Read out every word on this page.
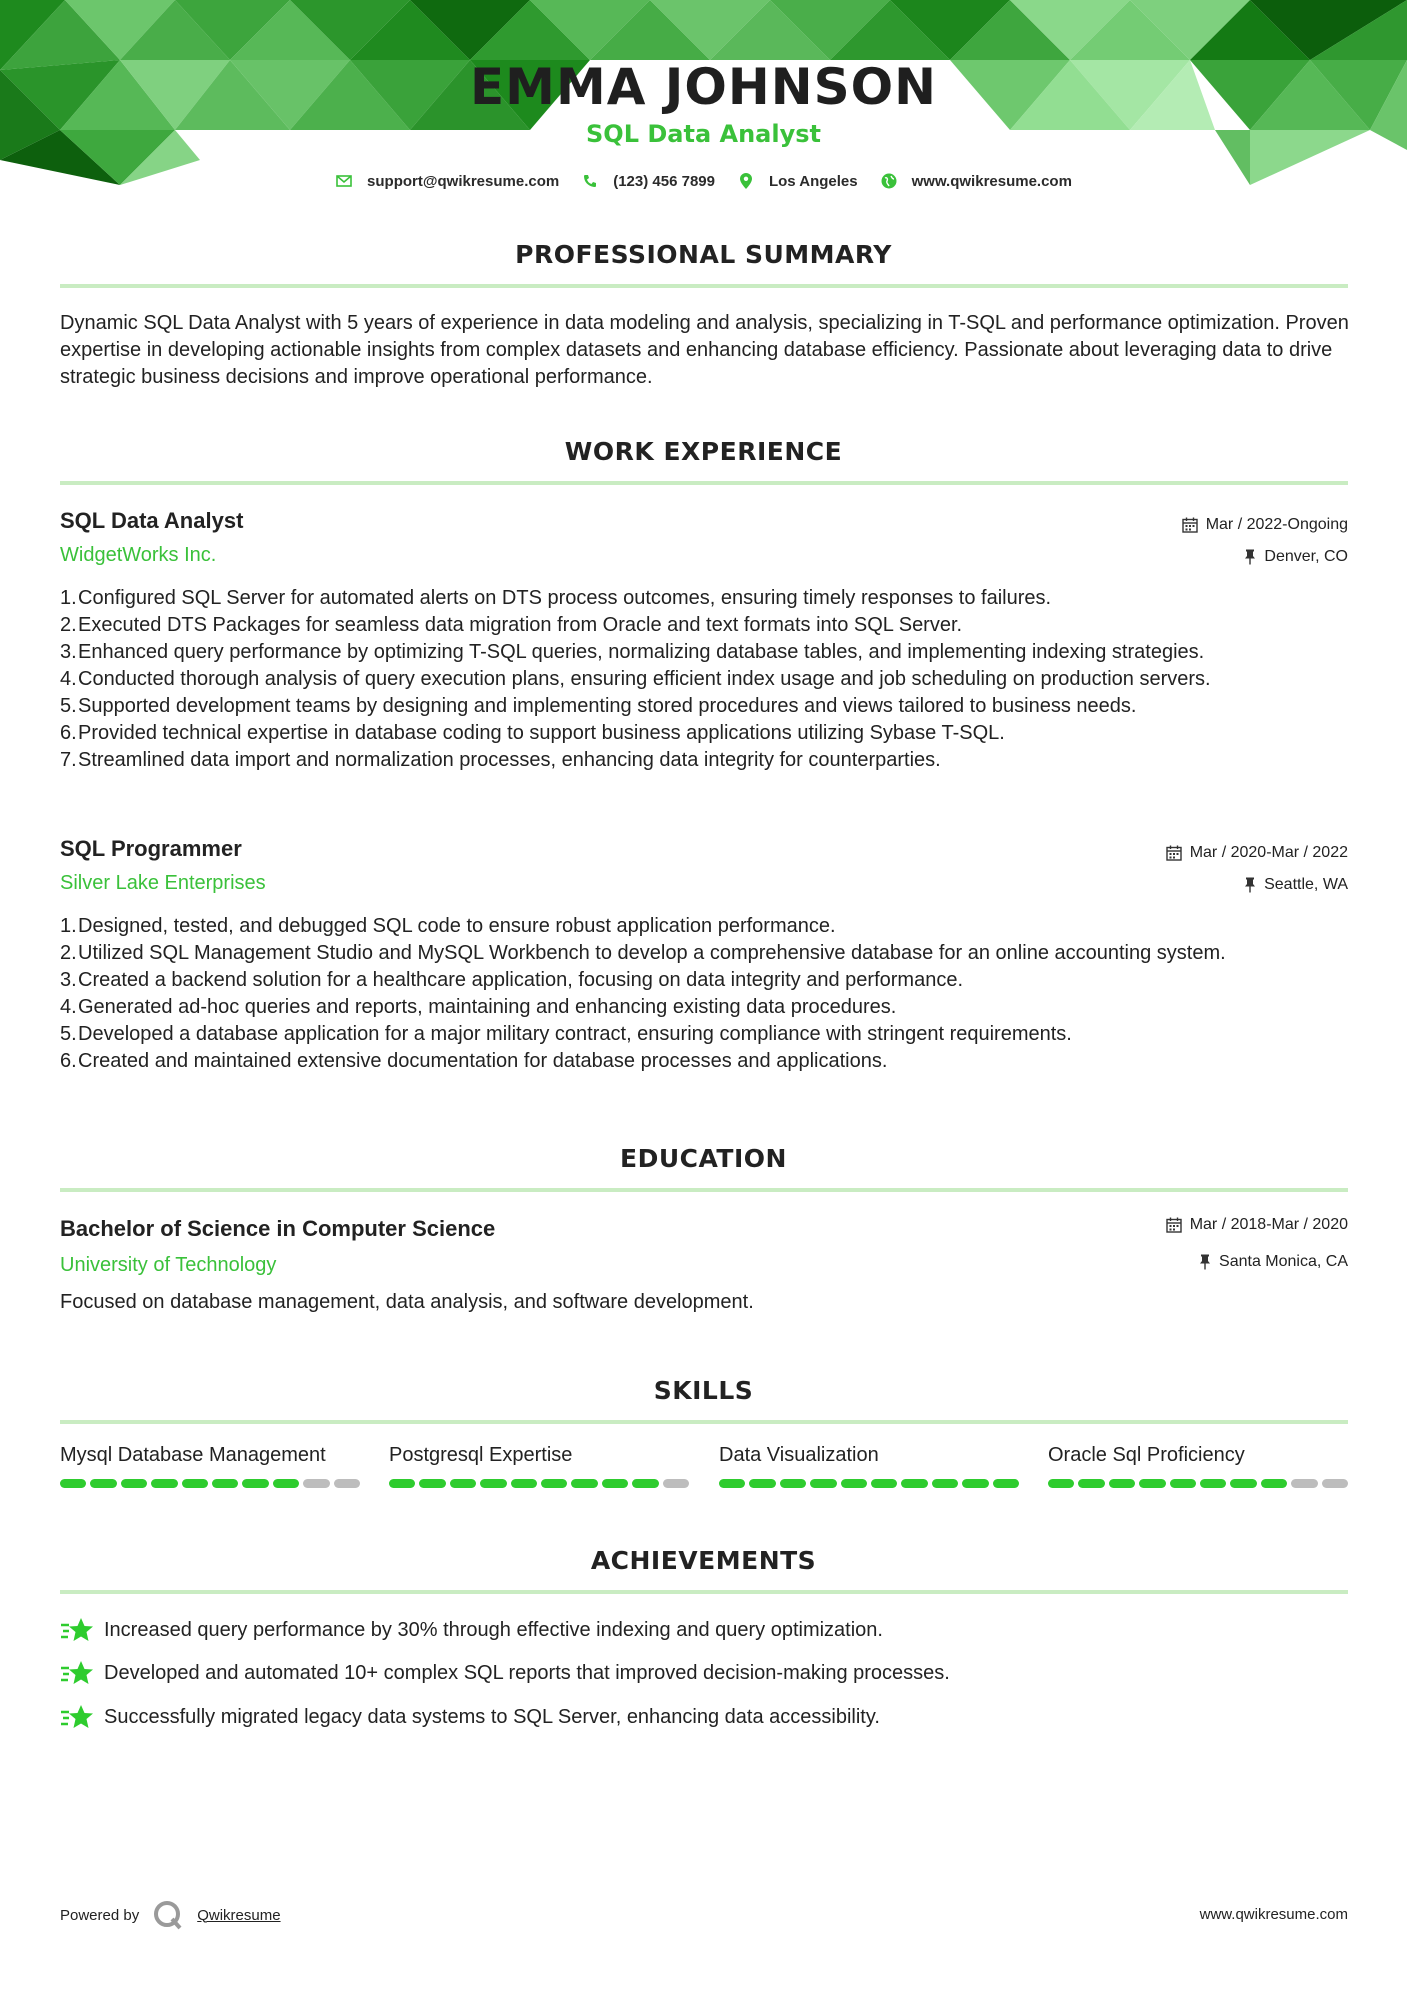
EMMA JOHNSON
SQL Data Analyst
support@qwikresume.com	(123) 456 7899	Los Angeles	www.qwikresume.com
PROFESSIONAL SUMMARY
Dynamic SQL Data Analyst with 5 years of experience in data modeling and analysis, specializing in T-SQL and performance optimization. Proven expertise in developing actionable insights from complex datasets and enhancing database efficiency. Passionate about leveraging data to drive strategic business decisions and improve operational performance.
WORK EXPERIENCE
SQL Data Analyst
WidgetWorks Inc.
Mar / 2022-Ongoing
Denver, CO
1. Configured SQL Server for automated alerts on DTS process outcomes, ensuring timely responses to failures.
2. Executed DTS Packages for seamless data migration from Oracle and text formats into SQL Server.
3. Enhanced query performance by optimizing T-SQL queries, normalizing database tables, and implementing indexing strategies.
4. Conducted thorough analysis of query execution plans, ensuring efficient index usage and job scheduling on production servers.
5. Supported development teams by designing and implementing stored procedures and views tailored to business needs.
6. Provided technical expertise in database coding to support business applications utilizing Sybase T-SQL.
7. Streamlined data import and normalization processes, enhancing data integrity for counterparties.
SQL Programmer
Silver Lake Enterprises
Mar / 2020-Mar / 2022
Seattle, WA
1. Designed, tested, and debugged SQL code to ensure robust application performance.
2. Utilized SQL Management Studio and MySQL Workbench to develop a comprehensive database for an online accounting system.
3. Created a backend solution for a healthcare application, focusing on data integrity and performance.
4. Generated ad-hoc queries and reports, maintaining and enhancing existing data procedures.
5. Developed a database application for a major military contract, ensuring compliance with stringent requirements.
6. Created and maintained extensive documentation for database processes and applications.
EDUCATION
Bachelor of Science in Computer Science
University of Technology
Mar / 2018-Mar / 2020
Santa Monica, CA
Focused on database management, data analysis, and software development.
SKILLS
Mysql Database Management	Postgresql Expertise	Data Visualization	Oracle Sql Proficiency
ACHIEVEMENTS
Increased query performance by 30% through effective indexing and query optimization.
Developed and automated 10+ complex SQL reports that improved decision-making processes.
Successfully migrated legacy data systems to SQL Server, enhancing data accessibility.
Powered by	Qwikresume	www.qwikresume.com
